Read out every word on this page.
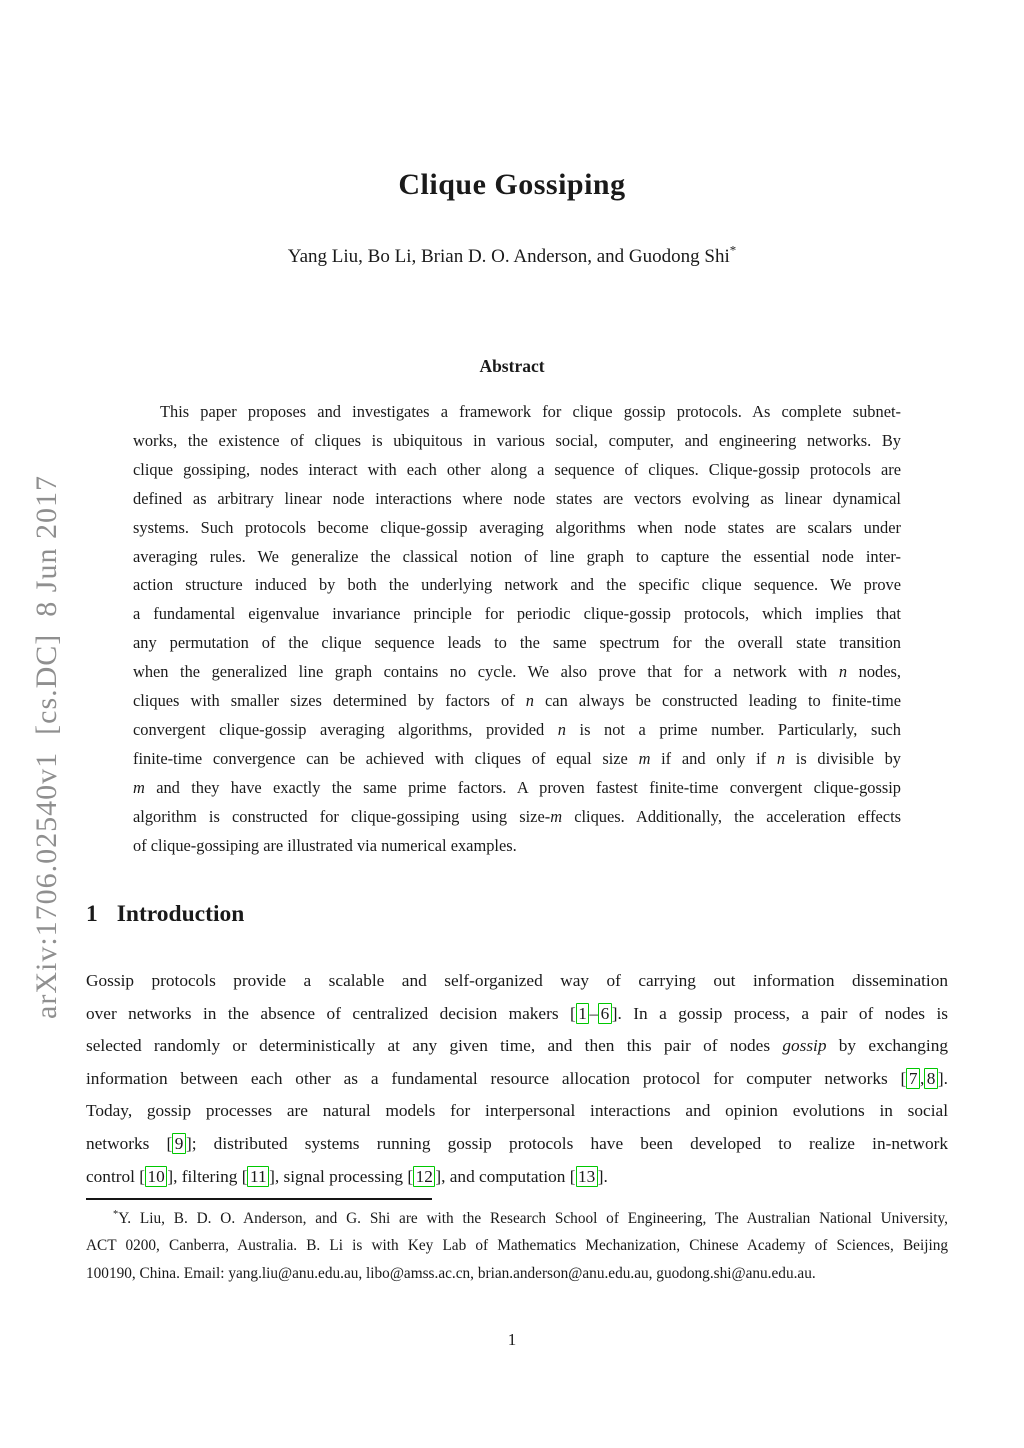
arXiv:1706.02540v1  [cs.DC]  8 Jun 2017
Clique Gossiping
Yang Liu, Bo Li, Brian D. O. Anderson, and Guodong Shi*
Abstract
This paper proposes and investigates a framework for clique gossip protocols. As complete subnet-
works, the existence of cliques is ubiquitous in various social, computer, and engineering networks. By
clique gossiping, nodes interact with each other along a sequence of cliques. Clique-gossip protocols are
defined as arbitrary linear node interactions where node states are vectors evolving as linear dynamical
systems. Such protocols become clique-gossip averaging algorithms when node states are scalars under
averaging rules. We generalize the classical notion of line graph to capture the essential node inter-
action structure induced by both the underlying network and the specific clique sequence. We prove
a fundamental eigenvalue invariance principle for periodic clique-gossip protocols, which implies that
any permutation of the clique sequence leads to the same spectrum for the overall state transition
when the generalized line graph contains no cycle. We also prove that for a network with n nodes,
cliques with smaller sizes determined by factors of n can always be constructed leading to finite-time
convergent clique-gossip averaging algorithms, provided n is not a prime number. Particularly, such
finite-time convergence can be achieved with cliques of equal size m if and only if n is divisible by
m and they have exactly the same prime factors. A proven fastest finite-time convergent clique-gossip
algorithm is constructed for clique-gossiping using size-m cliques. Additionally, the acceleration effects
of clique-gossiping are illustrated via numerical examples.
1 Introduction
Gossip protocols provide a scalable and self-organized way of carrying out information dissemination
over networks in the absence of centralized decision makers [ 1 – 6 ]. In a gossip process, a pair of nodes is
selected randomly or deterministically at any given time, and then this pair of nodes gossip by exchanging
information between each other as a fundamental resource allocation protocol for computer networks [ 7 , 8 ].
Today, gossip processes are natural models for interpersonal interactions and opinion evolutions in social
networks [ 9 ]; distributed systems running gossip protocols have been developed to realize in-network
control [ 10 ], filtering [ 11 ], signal processing [ 12 ], and computation [ 13 ].
*Y. Liu, B. D. O. Anderson, and G. Shi are with the Research School of Engineering, The Australian National University,
ACT 0200, Canberra, Australia. B. Li is with Key Lab of Mathematics Mechanization, Chinese Academy of Sciences, Beijing
100190, China. Email: yang.liu@anu.edu.au, libo@amss.ac.cn, brian.anderson@anu.edu.au, guodong.shi@anu.edu.au.
1
